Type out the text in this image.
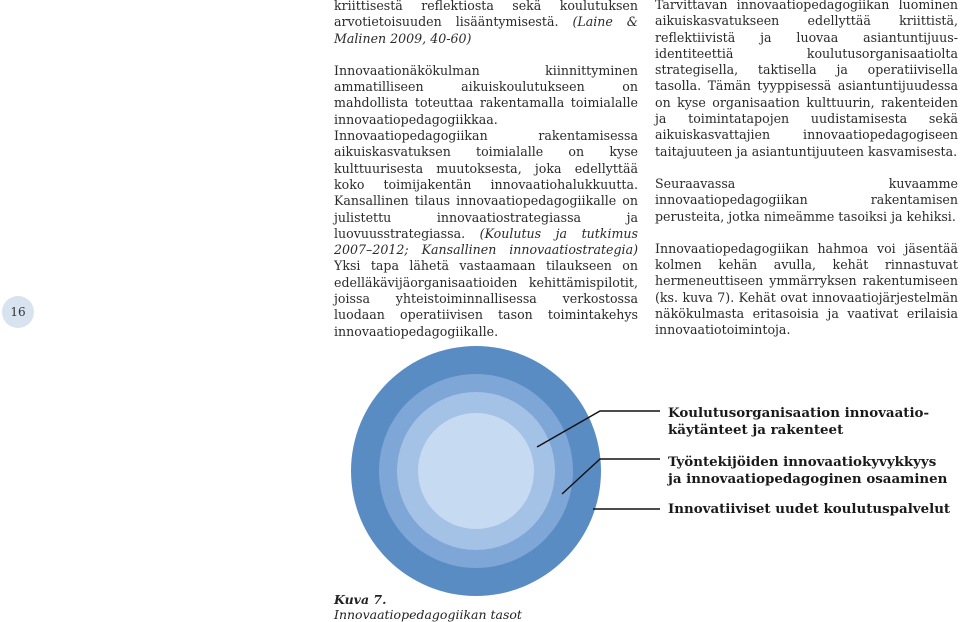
16

kriittisestä reflektiosta sekä koulutuksen arvotietoisuuden lisääntymisestä. (Laine & Malinen 2009, 40-60)

Innovaationäkökulman kiinnittyminen ammatilliseen aikuiskoulutukseen on mahdollista toteuttaa rakentamalla toimialalle innovaatiopedagogiikkaa. Innovaatiopedagogiikan rakentamisessa aikuiskasvatuksen toimialalle on kyse kulttuurisesta muutoksesta, joka edellyttää koko toimijakentän innovaatiohalukkuutta. Kansallinen tilaus innovaatiopedagogiikalle on julistettu innovaatiostrategiassa ja luovuusstrategiassa. (Koulutus ja tutkimus 2007–2012; Kansallinen innovaatiostrategia) Yksi tapa lähetä vastaamaan tilaukseen on edelläkävijäorganisaatioiden kehittämispilotit, joissa yhteistoiminnallisessa verkostossa luodaan operatiivisen tason toimintakehys innovaatiopedagogiikalle.

Tarvittavan innovaatiopedagogiikan luominen aikuiskasvatukseen edellyttää kriittistä, reflektiivistä ja luovaa asiantuntijuus-identiteettiä koulutusorganisaatiolta strategisella, taktisella ja operatiivisella tasolla. Tämän tyyppisessä asiantuntijuudessa on kyse organisaation kulttuurin, rakenteiden ja toimintatapojen uudistamisesta sekä aikuiskasvattajien innovaatiopedagogiseen taitajuuteen ja asiantuntijuuteen kasvamisesta.

Seuraavassa kuvaamme innovaatiopedagogiikan rakentamisen perusteita, jotka nimeämme tasoiksi ja kehiksi.

Innovaatiopedagogiikan hahmoa voi jäsentää kolmen kehän avulla, kehät rinnastuvat hermeneuttiseen ymmärryksen rakentumiseen (ks. kuva 7). Kehät ovat innovaatiojärjestelmän näkökulmasta eritasoisia ja vaativat erilaisia innovaatiotoimintoja.

Koulutusorganisaation innovaatio-
käytänteet ja rakenteet
Työntekijöiden innovaatiokyvykkyys
ja innovaatiopedagoginen osaaminen
Innovatiiviset uudet koulutuspalvelut
Kuva 7.
Innovaatiopedagogiikan tasot
